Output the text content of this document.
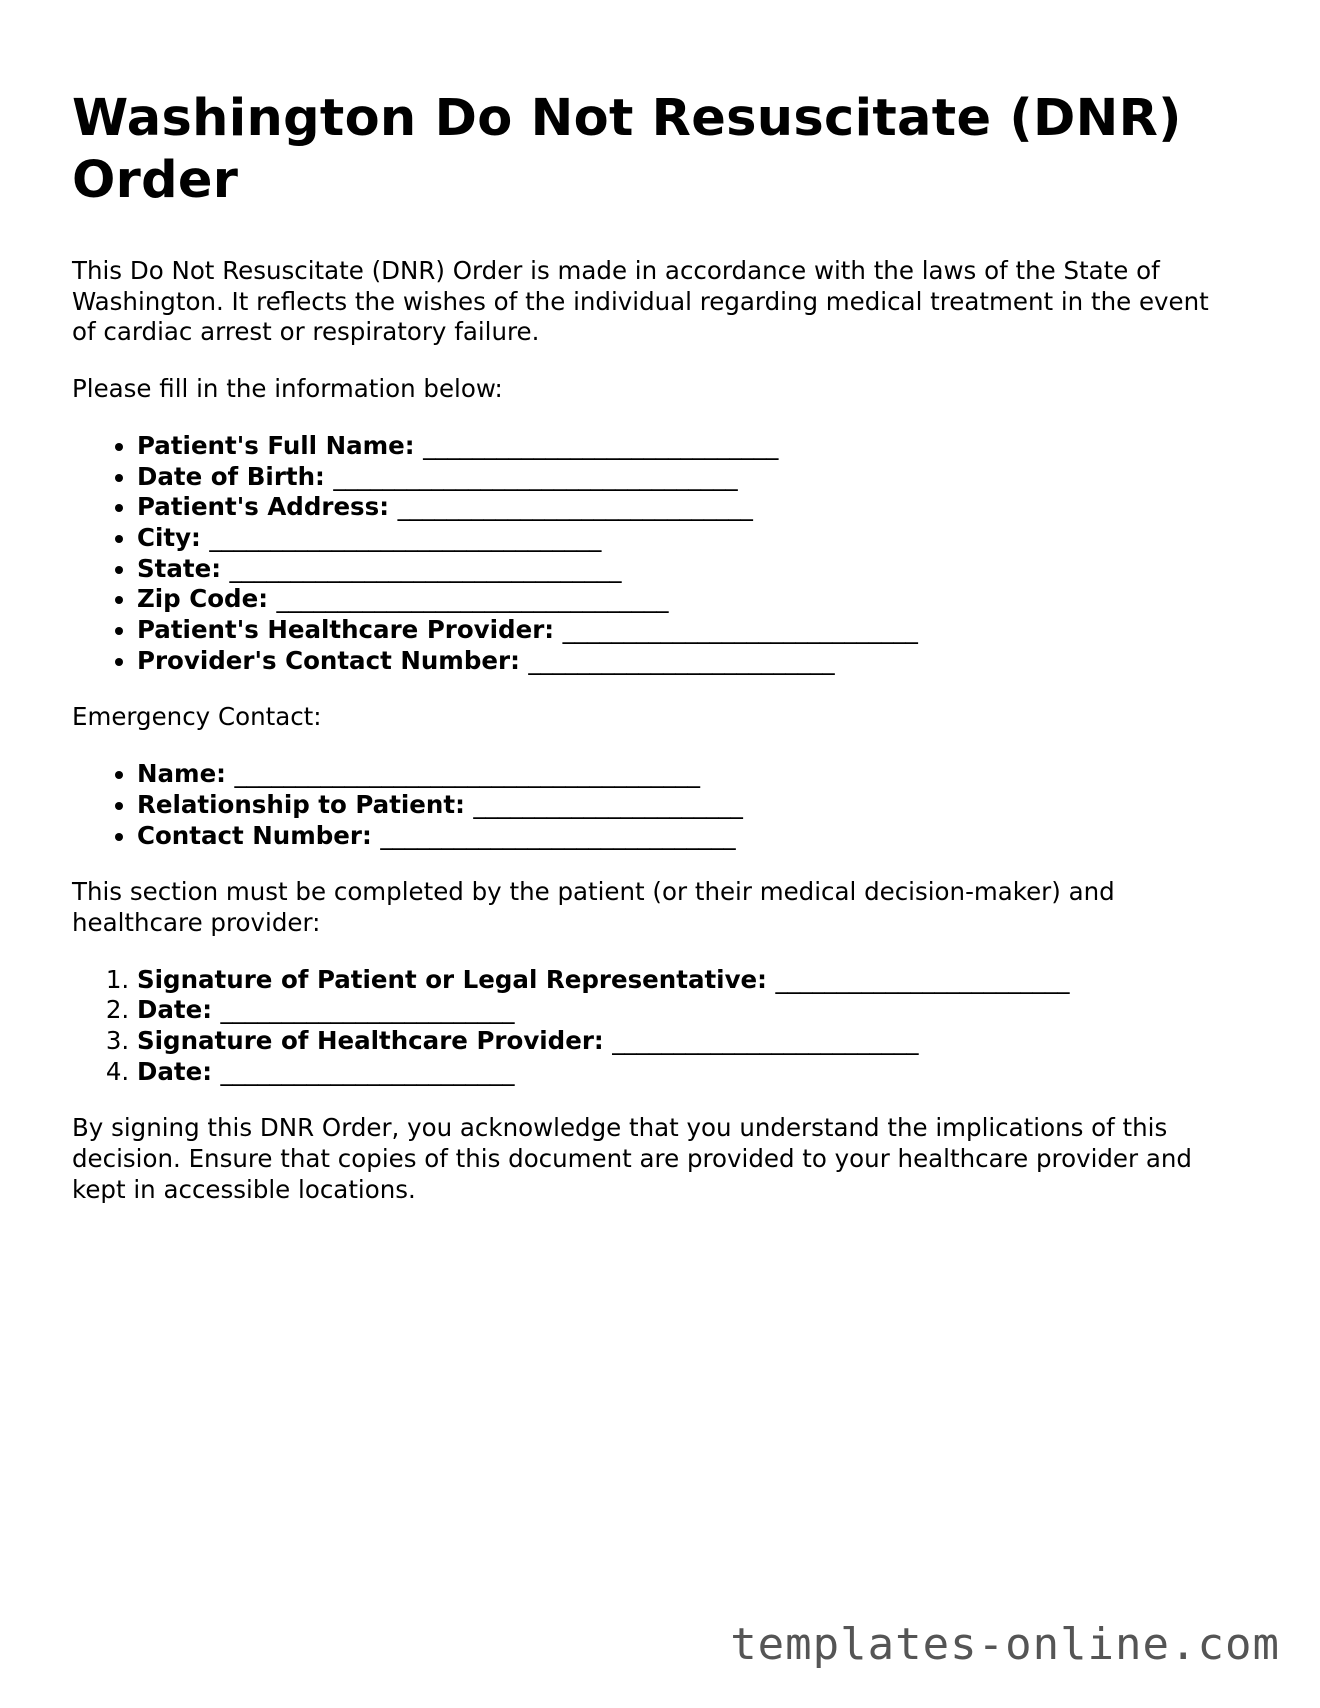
Washington Do Not Resuscitate (DNR) Order

This Do Not Resuscitate (DNR) Order is made in accordance with the laws of the State of Washington. It reflects the wishes of the individual regarding medical treatment in the event of cardiac arrest or respiratory failure.

Please fill in the information below:

• Patient's Full Name: _____________________________
• Date of Birth: _________________________________
• Patient's Address: _____________________________
• City: ________________________________
• State: ________________________________
• Zip Code: ________________________________
• Patient's Healthcare Provider: _____________________________
• Provider's Contact Number: _________________________

Emergency Contact:

• Name: ______________________________________
• Relationship to Patient: ______________________
• Contact Number: _____________________________

This section must be completed by the patient (or their medical decision-maker) and healthcare provider:

1. Signature of Patient or Legal Representative: ________________________
2. Date: ________________________
3. Signature of Healthcare Provider: _________________________
4. Date: ________________________

By signing this DNR Order, you acknowledge that you understand the implications of this decision. Ensure that copies of this document are provided to your healthcare provider and kept in accessible locations.

templates-online.com
